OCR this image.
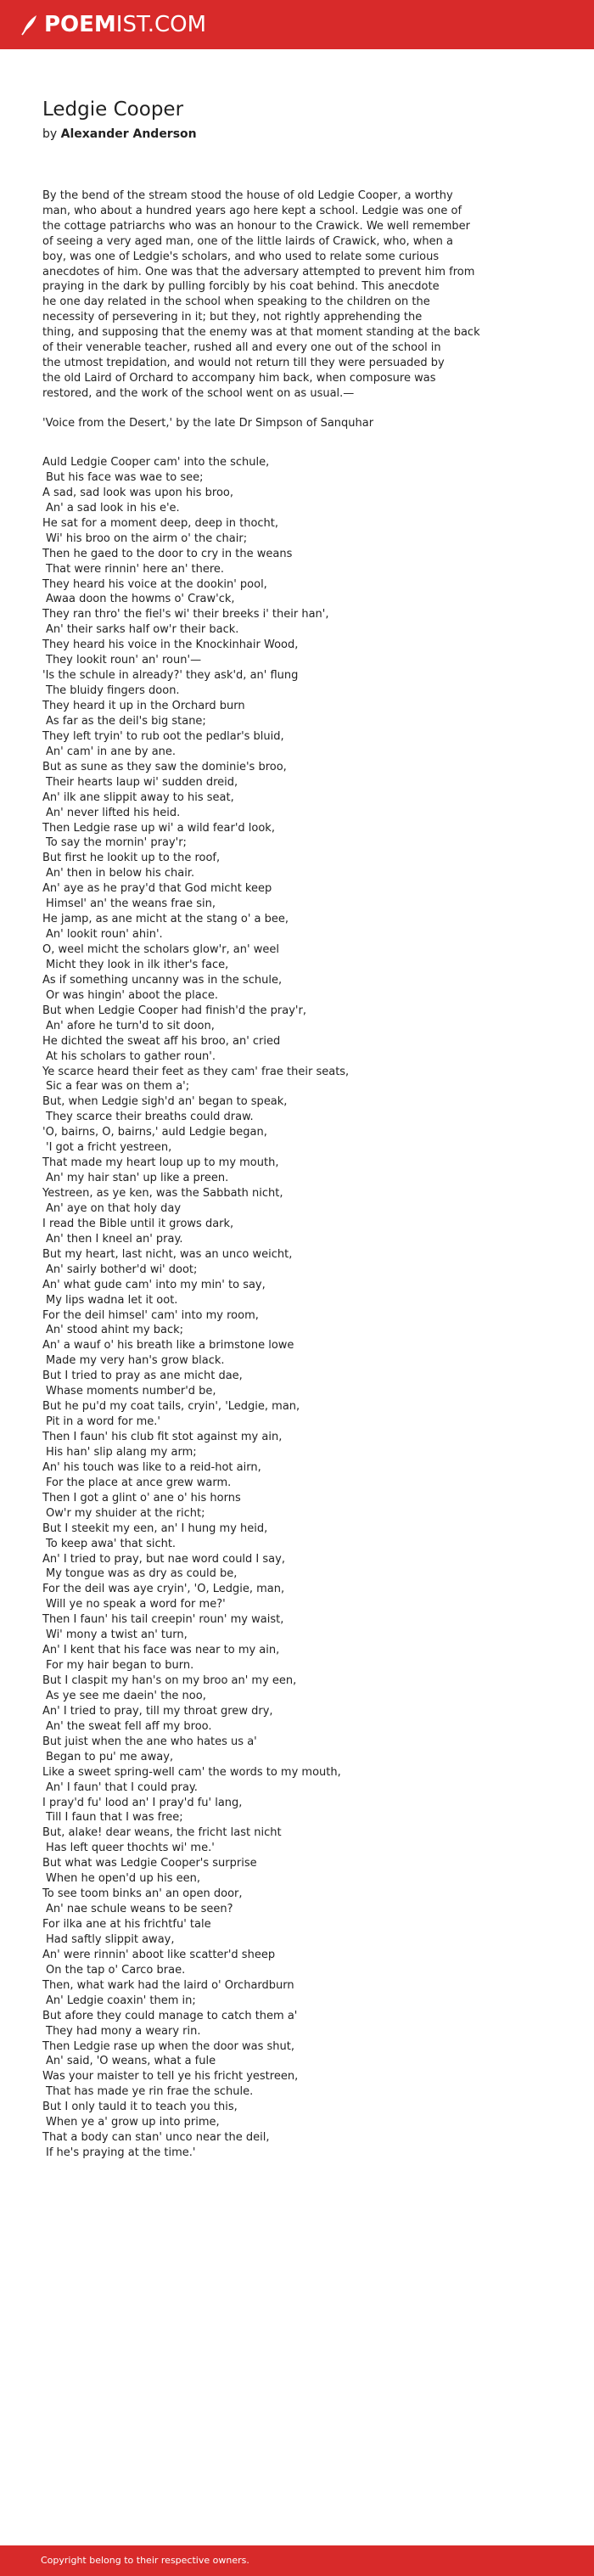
POEM IST.COM
Ledgie Cooper
by Alexander Anderson
By the bend of the stream stood the house of old Ledgie Cooper, a worthy
man, who about a hundred years ago here kept a school. Ledgie was one of
the cottage patriarchs who was an honour to the Crawick. We well remember
of seeing a very aged man, one of the little lairds of Crawick, who, when a
boy, was one of Ledgie's scholars, and who used to relate some curious
anecdotes of him. One was that the adversary attempted to prevent him from
praying in the dark by pulling forcibly by his coat behind. This anecdote
he one day related in the school when speaking to the children on the
necessity of persevering in it; but they, not rightly apprehending the
thing, and supposing that the enemy was at that moment standing at the back
of their venerable teacher, rushed all and every one out of the school in
the utmost trepidation, and would not return till they were persuaded by
the old Laird of Orchard to accompany him back, when composure was
restored, and the work of the school went on as usual.—
'Voice from the Desert,' by the late Dr Simpson of Sanquhar
Auld Ledgie Cooper cam' into the schule,
But his face was wae to see;
A sad, sad look was upon his broo,
An' a sad look in his e'e.
He sat for a moment deep, deep in thocht,
Wi' his broo on the airm o' the chair;
Then he gaed to the door to cry in the weans
That were rinnin' here an' there.
They heard his voice at the dookin' pool,
Awaa doon the howms o' Craw'ck,
They ran thro' the fiel's wi' their breeks i' their han',
An' their sarks half ow'r their back.
They heard his voice in the Knockinhair Wood,
They lookit roun' an' roun'—
'Is the schule in already?' they ask'd, an' flung
The bluidy fingers doon.
They heard it up in the Orchard burn
As far as the deil's big stane;
They left tryin' to rub oot the pedlar's bluid,
An' cam' in ane by ane.
But as sune as they saw the dominie's broo,
Their hearts laup wi' sudden dreid,
An' ilk ane slippit away to his seat,
An' never lifted his heid.
Then Ledgie rase up wi' a wild fear'd look,
To say the mornin' pray'r;
But first he lookit up to the roof,
An' then in below his chair.
An' aye as he pray'd that God micht keep
Himsel' an' the weans frae sin,
He jamp, as ane micht at the stang o' a bee,
An' lookit roun' ahin'.
O, weel micht the scholars glow'r, an' weel
Micht they look in ilk ither's face,
As if something uncanny was in the schule,
Or was hingin' aboot the place.
But when Ledgie Cooper had finish'd the pray'r,
An' afore he turn'd to sit doon,
He dichted the sweat aff his broo, an' cried
At his scholars to gather roun'.
Ye scarce heard their feet as they cam' frae their seats,
Sic a fear was on them a';
But, when Ledgie sigh'd an' began to speak,
They scarce their breaths could draw.
'O, bairns, O, bairns,' auld Ledgie began,
'I got a fricht yestreen,
That made my heart loup up to my mouth,
An' my hair stan' up like a preen.
Yestreen, as ye ken, was the Sabbath nicht,
An' aye on that holy day
I read the Bible until it grows dark,
An' then I kneel an' pray.
But my heart, last nicht, was an unco weicht,
An' sairly bother'd wi' doot;
An' what gude cam' into my min' to say,
My lips wadna let it oot.
For the deil himsel' cam' into my room,
An' stood ahint my back;
An' a wauf o' his breath like a brimstone lowe
Made my very han's grow black.
But I tried to pray as ane micht dae,
Whase moments number'd be,
But he pu'd my coat tails, cryin', 'Ledgie, man,
Pit in a word for me.'
Then I faun' his club fit stot against my ain,
His han' slip alang my arm;
An' his touch was like to a reid-hot airn,
For the place at ance grew warm.
Then I got a glint o' ane o' his horns
Ow'r my shuider at the richt;
But I steekit my een, an' I hung my heid,
To keep awa' that sicht.
An' I tried to pray, but nae word could I say,
My tongue was as dry as could be,
For the deil was aye cryin', 'O, Ledgie, man,
Will ye no speak a word for me?'
Then I faun' his tail creepin' roun' my waist,
Wi' mony a twist an' turn,
An' I kent that his face was near to my ain,
For my hair began to burn.
But I claspit my han's on my broo an' my een,
As ye see me daein' the noo,
An' I tried to pray, till my throat grew dry,
An' the sweat fell aff my broo.
But juist when the ane who hates us a'
Began to pu' me away,
Like a sweet spring-well cam' the words to my mouth,
An' I faun' that I could pray.
I pray'd fu' lood an' I pray'd fu' lang,
Till I faun that I was free;
But, alake! dear weans, the fricht last nicht
Has left queer thochts wi' me.'
But what was Ledgie Cooper's surprise
When he open'd up his een,
To see toom binks an' an open door,
An' nae schule weans to be seen?
For ilka ane at his frichtfu' tale
Had saftly slippit away,
An' were rinnin' aboot like scatter'd sheep
On the tap o' Carco brae.
Then, what wark had the laird o' Orchardburn
An' Ledgie coaxin' them in;
But afore they could manage to catch them a'
They had mony a weary rin.
Then Ledgie rase up when the door was shut,
An' said, 'O weans, what a fule
Was your maister to tell ye his fricht yestreen,
That has made ye rin frae the schule.
But I only tauld it to teach you this,
When ye a' grow up into prime,
That a body can stan' unco near the deil,
If he's praying at the time.'
Copyright belong to their respective owners.
